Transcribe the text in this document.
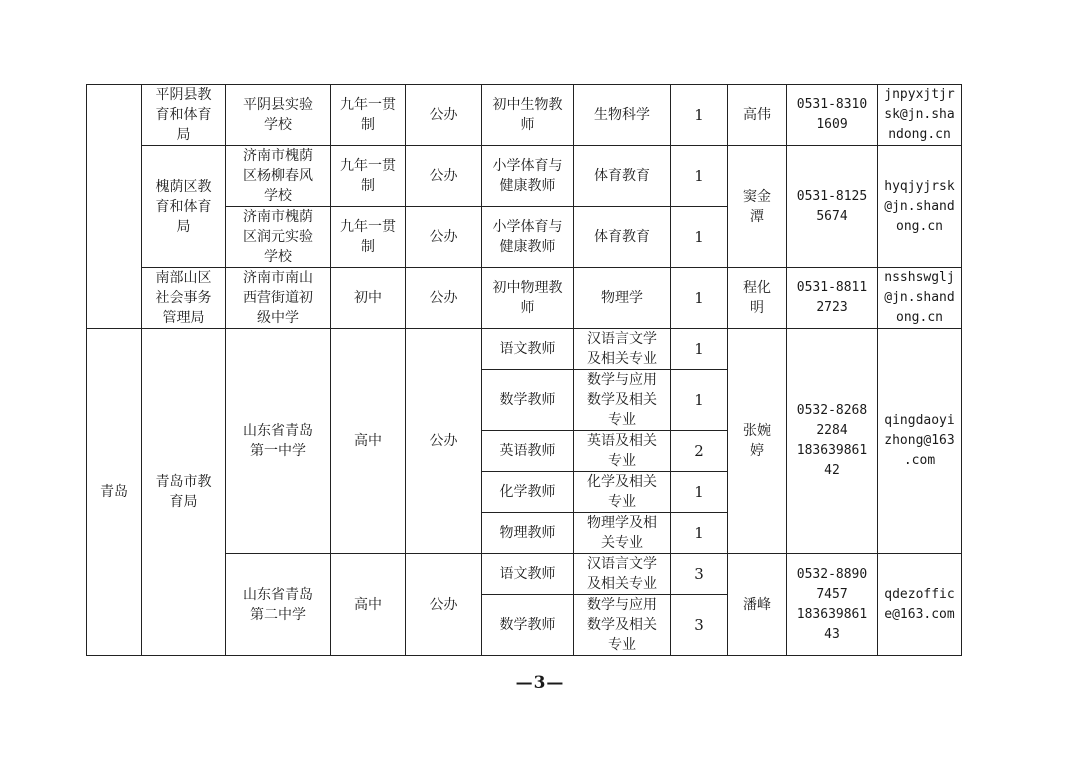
	平阴县教
育和体育
局	平阴县实验
学校	九年一贯
制	公办	初中生物教
师	生物科学	1	高伟	0531-8310
1609	jnpyxjtjr
sk@jn.sha
ndong.cn

	槐荫区教
育和体育
局	济南市槐荫
区杨柳春风
学校	九年一贯
制	公办	小学体育与
健康教师	体育教育	1	窦金
潭	0531-8125
5674	hyqjyjrsk
@jn.shand
ong.cn

		济南市槐荫
区润元实验
学校	九年一贯
制	公办	小学体育与
健康教师	体育教育	1			

	南部山区
社会事务
管理局	济南市南山
西营街道初
级中学	初中	公办	初中物理教
师	物理学	1	程化
明	0531-8811
2723	nsshswglj
@jn.shand
ong.cn

青岛	青岛市教
育局	山东省青岛
第一中学	高中	公办	语文教师	汉语言文学
及相关专业	1	张婉
婷	0532-8268
2284
183639861
42	qingdaoyi
zhong@163
.com

					数学教师	数学与应用
数学及相关
专业	1			

					英语教师	英语及相关
专业	2			

					化学教师	化学及相关
专业	1			

					物理教师	物理学及相
关专业	1			

		山东省青岛
第二中学	高中	公办	语文教师	汉语言文学
及相关专业	3	潘峰	0532-8890
7457
183639861
43	qdezoffic
e@163.com

					数学教师	数学与应用
数学及相关
专业	3			
—3—
